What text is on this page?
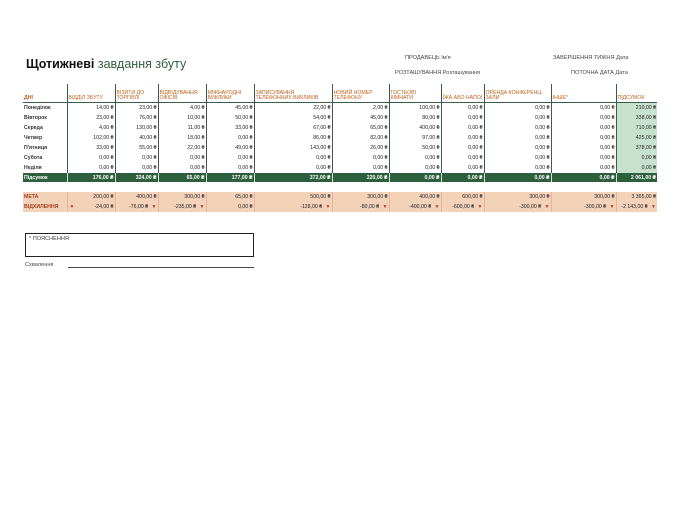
Щотижневі завдання збуту	ПРОДАВЕЦЬ Ім'я	ЗАВЕРШЕННЯ ТИЖНЯ Дата
РОЗТАШУВАННЯ Розташування	ПОТОЧНА ДАТА Дата
ДНІ	ВІДДІЛ ЗБУТУ	ВІЗИТИ ДО ТОРГІВЛІ	ВІДВІДУВАННЯ ОФІСІВ	МІЖНАРОДНІ ВИКЛИКИ	ЗАПИСУВАННЯ ТЕЛЕФОННИХ ВИКЛИКІВ	НОВИЙ НОМЕР ТЕЛЕФОНУ	ГОСТЬОВІ КІМНАТИ	ЇЖА АБО НАПОЇ	ОРЕНДА КОНФЕРЕНЦ-ЗАЛИ	ІНШЕ*	ПІДСУМОК
Понеділок	14,00 ₴	23,00 ₴	4,00 ₴	45,00 ₴	22,00 ₴	2,00 ₴	100,00 ₴	0,00 ₴	0,00 ₴	0,00 ₴	210,00 ₴
Вівторок	23,00 ₴	76,00 ₴	10,00 ₴	50,00 ₴	54,00 ₴	45,00 ₴	80,00 ₴	0,00 ₴	0,00 ₴	0,00 ₴	338,00 ₴
Середа	4,00 ₴	130,00 ₴	11,00 ₴	33,00 ₴	67,00 ₴	65,00 ₴	400,00 ₴	0,00 ₴	0,00 ₴	0,00 ₴	710,00 ₴
Четвер	102,00 ₴	40,00 ₴	18,00 ₴	0,00 ₴	86,00 ₴	82,00 ₴	97,00 ₴	0,00 ₴	0,00 ₴	0,00 ₴	425,00 ₴
П'ятниця	33,00 ₴	55,00 ₴	22,00 ₴	49,00 ₴	143,00 ₴	26,00 ₴	50,00 ₴	0,00 ₴	0,00 ₴	0,00 ₴	378,00 ₴
Субота	0,00 ₴	0,00 ₴	0,00 ₴	0,00 ₴	0,00 ₴	0,00 ₴	0,00 ₴	0,00 ₴	0,00 ₴	0,00 ₴	0,00 ₴
Неділя	0,00 ₴	0,00 ₴	0,00 ₴	0,00 ₴	0,00 ₴	0,00 ₴	0,00 ₴	0,00 ₴	0,00 ₴	0,00 ₴	0,00 ₴
Підсумок	176,00 ₴	324,00 ₴	65,00 ₴	177,00 ₴	372,00 ₴	220,00 ₴	0,00 ₴	0,00 ₴	0,00 ₴	0,00 ₴	2 061,00 ₴

МЕТА	200,00 ₴	400,00 ₴	300,00 ₴	65,00 ₴	500,00 ₴	300,00 ₴	400,00 ₴	600,00 ₴	300,00 ₴	300,00 ₴	3 365,00 ₴
ВІДХИЛЕННЯ	▼ -24,00 ₴	-76,00 ₴ ▼	-235,00 ₴ ▼	0,00 ₴	-128,00 ₴ ▼	-80,00 ₴ ▼	-400,00 ₴ ▼	-600,00 ₴ ▼	-300,00 ₴ ▼	-300,00 ₴ ▼	-2 143,00 ₴ ▼
* ПОЯСНЕННЯ
Схвалення
